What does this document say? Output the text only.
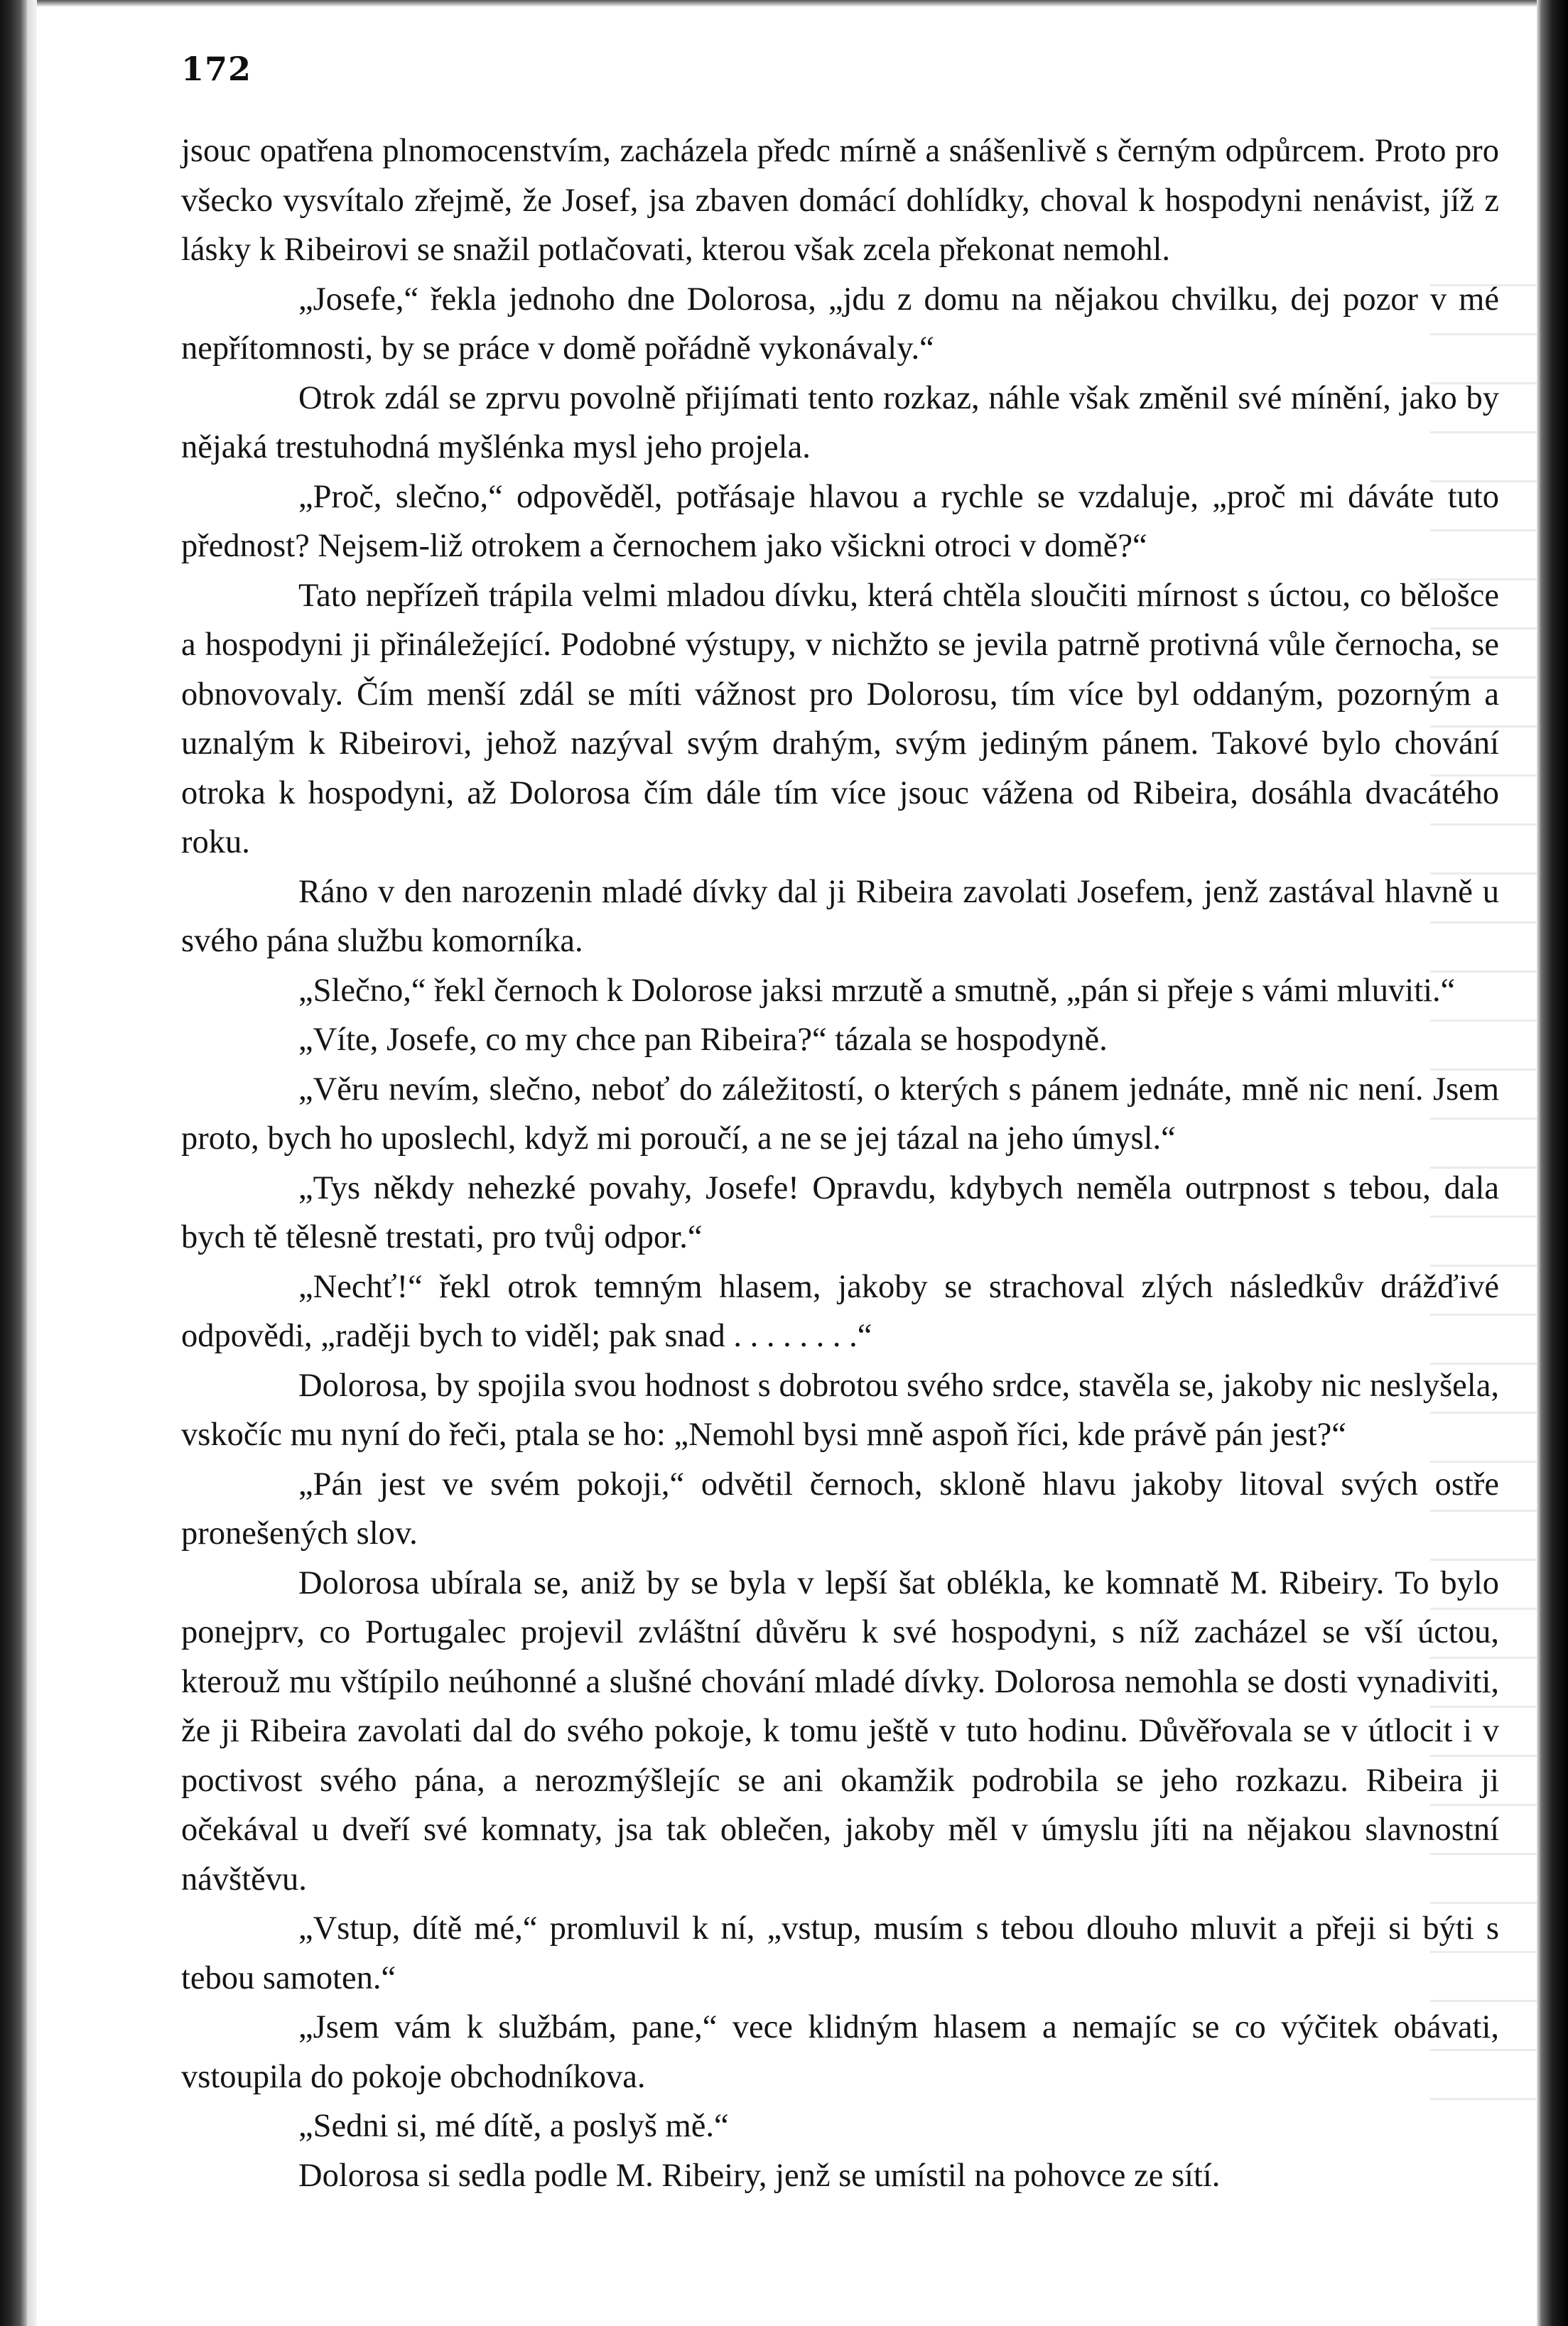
172

jsouc opatřena plnomocenstvím, zacházela předc mírně a snášenlivě s černým odpůrcem. Proto pro všecko vysvítalo zřejmě, že Josef, jsa zbaven domácí dohlídky, choval k hospodyni nenávist, jíž z lásky k Ribeirovi se snažil potlačovati, kterou však zcela překonat nemohl.

„Josefe,“ řekla jednoho dne Dolorosa, „jdu z domu na nějakou chvilku, dej pozor v mé nepřítomnosti, by se práce v domě pořádně vykonávaly.“

Otrok zdál se zprvu povolně přijímati tento rozkaz, náhle však změnil své mínění, jako by nějaká trestuhodná myšlénka mysl jeho projela.

„Proč, slečno,“ odpověděl, potřásaje hlavou a rychle se vzdaluje, „proč mi dáváte tuto přednost? Nejsem-liž otrokem a černochem jako všickni otroci v domě?“

Tato nepřízeň trápila velmi mladou dívku, která chtěla sloučiti mírnost s úctou, co bělošce a hospodyni ji přináležející. Podobné výstupy, v nichžto se jevila patrně protivná vůle černocha, se obnovovaly. Čím menší zdál se míti vážnost pro Dolorosu, tím více byl oddaným, pozorným a uznalým k Ribeirovi, jehož nazýval svým drahým, svým jediným pánem. Takové bylo chování otroka k hospodyni, až Dolorosa čím dále tím více jsouc vážena od Ribeira, dosáhla dvacátého roku.

Ráno v den narozenin mladé dívky dal ji Ribeira zavolati Josefem, jenž zastával hlavně u svého pána službu komorníka.

„Slečno,“ řekl černoch k Dolorose jaksi mrzutě a smutně, „pán si přeje s vámi mluviti.“

„Víte, Josefe, co my chce pan Ribeira?“ tázala se hospodyně.

„Věru nevím, slečno, neboť do záležitostí, o kterých s pánem jednáte, mně nic není. Jsem proto, bych ho uposlechl, když mi poroučí, a ne se jej tázal na jeho úmysl.“

„Tys někdy nehezké povahy, Josefe! Opravdu, kdybych neměla outrpnost s tebou, dala bych tě tělesně trestati, pro tvůj odpor.“

„Nechť!“ řekl otrok temným hlasem, jakoby se strachoval zlých následkův drážďivé odpovědi, „raději bych to viděl; pak snad . . . . . . . .“

Dolorosa, by spojila svou hodnost s dobrotou svého srdce, stavěla se, jakoby nic neslyšela, vskočíc mu nyní do řeči, ptala se ho: „Nemohl bysi mně aspoň říci, kde právě pán jest?“

„Pán jest ve svém pokoji,“ odvětil černoch, skloně hlavu jakoby litoval svých ostře pronešených slov.

Dolorosa ubírala se, aniž by se byla v lepší šat oblékla, ke komnatě M. Ribeiry. To bylo ponejprv, co Portugalec projevil zvláštní důvěru k své hospodyni, s níž zacházel se vší úctou, kterouž mu vštípilo neúhonné a slušné chování mladé dívky. Dolorosa nemohla se dosti vynadiviti, že ji Ribeira zavolati dal do svého pokoje, k tomu ještě v tuto hodinu. Důvěřovala se v útlocit i v poctivost svého pána, a nerozmýšlejíc se ani okamžik podrobila se jeho rozkazu. Ribeira ji očekával u dveří své komnaty, jsa tak oblečen, jakoby měl v úmyslu jíti na nějakou slavnostní návštěvu.

„Vstup, dítě mé,“ promluvil k ní, „vstup, musím s tebou dlouho mluvit a přeji si býti s tebou samoten.“

„Jsem vám k službám, pane,“ vece klidným hlasem a nemajíc se co výčitek obávati, vstoupila do pokoje obchodníkova.

„Sedni si, mé dítě, a poslyš mě.“

Dolorosa si sedla podle M. Ribeiry, jenž se umístil na pohovce ze sítí.
